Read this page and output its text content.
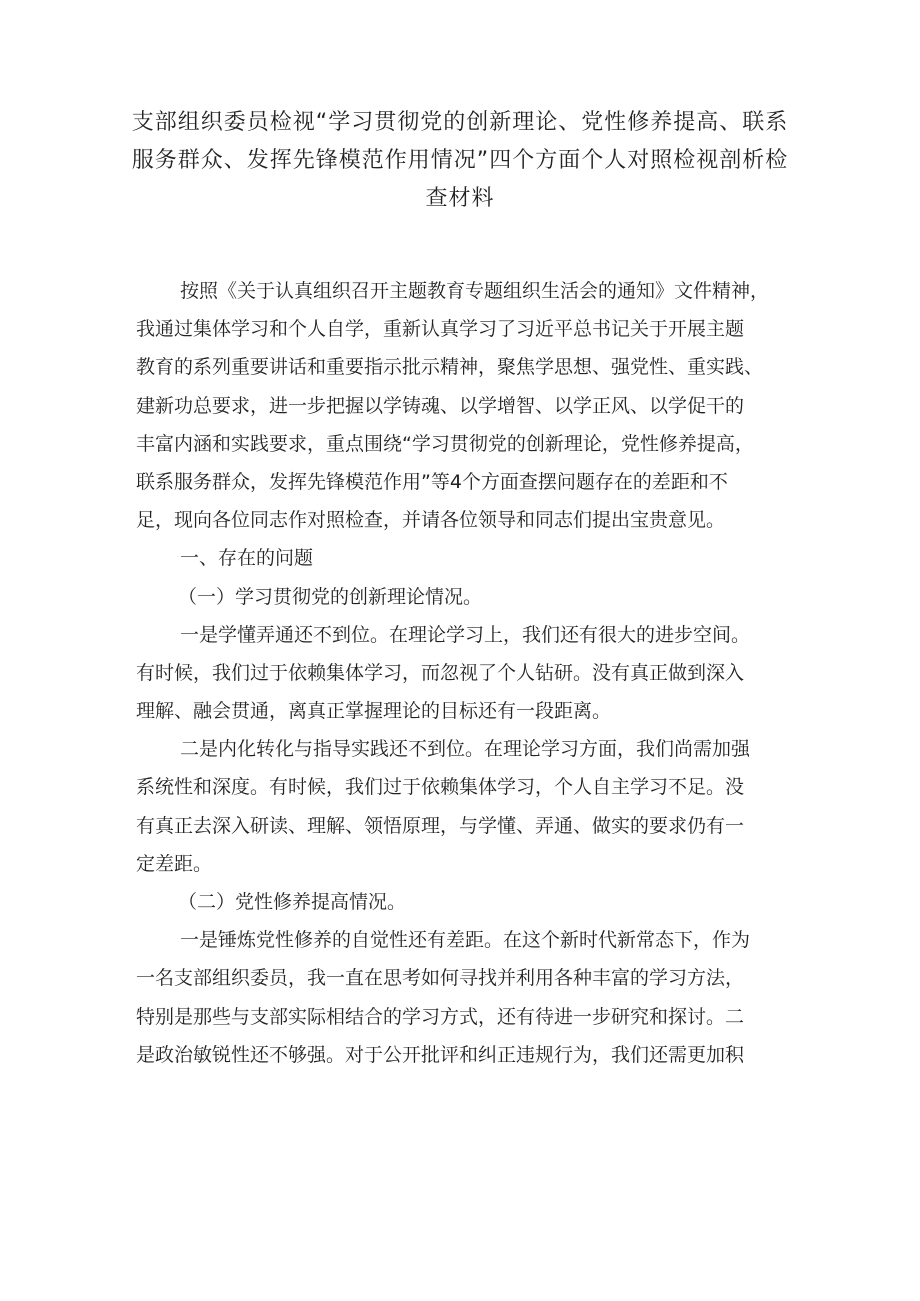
支部组织委员检视“学习贯彻党的创新理论、党性修养提高、联系
服务群众、发挥先锋模范作用情况”四个方面个人对照检视剖析检
查材料
按照《关于认真组织召开主题教育专题组织生活会的通知》文件精神，
我通过集体学习和个人自学，重新认真学习了习近平总书记关于开展主题
教育的系列重要讲话和重要指示批示精神，聚焦学思想、强党性、重实践、
建新功总要求，进一步把握以学铸魂、以学增智、以学正风、以学促干的
丰富内涵和实践要求，重点围绕“学习贯彻党的创新理论，党性修养提高，
联系服务群众，发挥先锋模范作用”等4个方面查摆问题存在的差距和不
足，现向各位同志作对照检查，并请各位领导和同志们提出宝贵意见。
一、存在的问题
（一）学习贯彻党的创新理论情况。
一是学懂弄通还不到位。在理论学习上，我们还有很大的进步空间。
有时候，我们过于依赖集体学习，而忽视了个人钻研。没有真正做到深入
理解、融会贯通，离真正掌握理论的目标还有一段距离。
二是内化转化与指导实践还不到位。在理论学习方面，我们尚需加强
系统性和深度。有时候，我们过于依赖集体学习，个人自主学习不足。没
有真正去深入研读、理解、领悟原理，与学懂、弄通、做实的要求仍有一
定差距。
（二）党性修养提高情况。
一是锤炼党性修养的自觉性还有差距。在这个新时代新常态下，作为
一名支部组织委员，我一直在思考如何寻找并利用各种丰富的学习方法，
特别是那些与支部实际相结合的学习方式，还有待进一步研究和探讨。二
是政治敏锐性还不够强。对于公开批评和纠正违规行为，我们还需更加积
